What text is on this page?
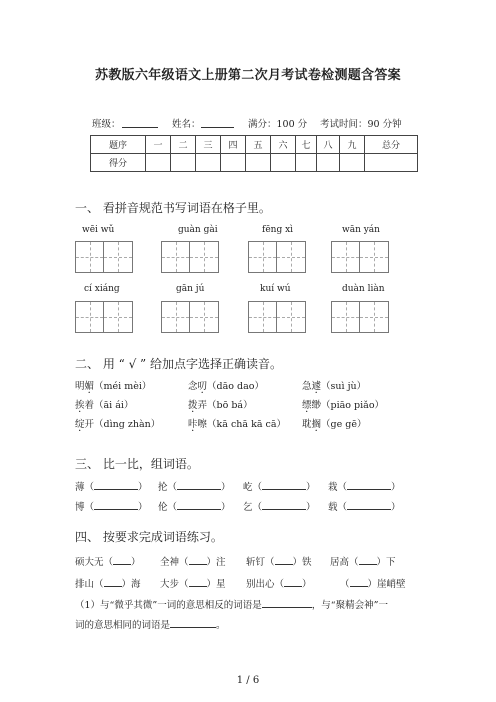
苏教版六年级语文上册第二次月考试卷检测题含答案
班级：	姓名：	满分：100 分 考试时间：90 分钟
题序	一	二	三	四	五	六	七	八	九	总分
得分										
一、 看拼音规范书写词语在格子里。
wēi wǔ	guàn gài	fēng xì	wān yán
cí xiáng	gān jú	kuí wú	duàn liàn
二、 用 “ √ ” 给加点字选择正确读音。
明媚（méi mèi）	念叨（dāo dao）	急遽（suì jù）
挨着（āi ái）	拨弄（bō bá）	缥缈（piāo piǎo）
绽开（dìng zhàn）	咔嚓（kā chā kā cā） 耽搁（ge gē）
三、 比一比，组词语。
薄（	） 抡（	） 屹（	） 栽（	）
博（	） 伦（	） 乞（	） 载（	）
四、 按要求完成词语练习。
硕大无（ ） 全神（ ）注 斩钉（ ）铁 居高（ ）下
排山（ ）海 大步（ ）星 别出心（ ）	（ ）崖峭壁
（1）与“微乎其微”一词的意思相反的词语是	，与“聚精会神”一
词的意思相同的词语是	。
1 / 6
